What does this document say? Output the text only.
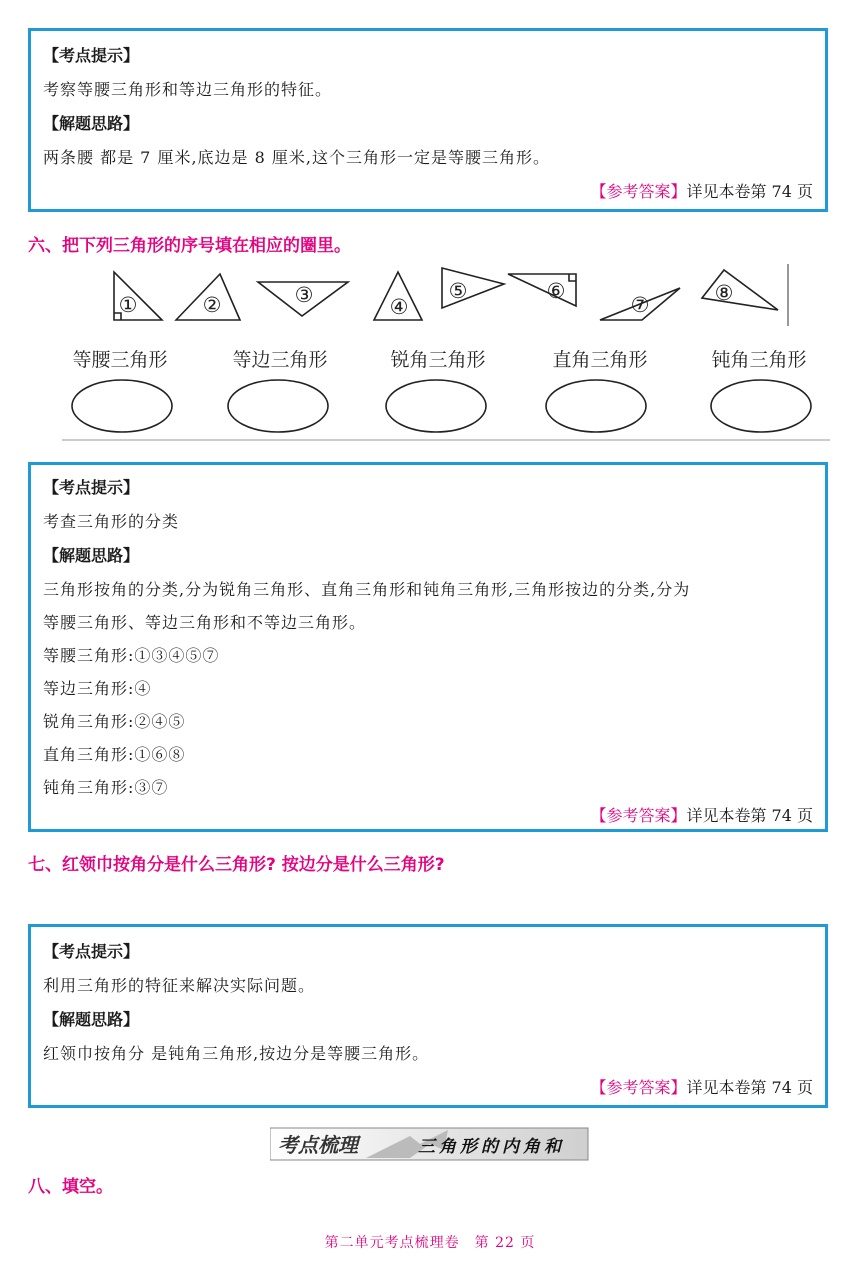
【考点提示】
考察等腰三角形和等边三角形的特征。
【解题思路】
两条腰 都是 7 厘米,底边是 8 厘米,这个三角形一定是等腰三角形。
【参考答案】详见本卷第 74 页
六、把下列三角形的序号填在相应的圈里。
①	②	③	④
⑤	⑥
⑦	⑧
等腰三角形	等边三角形	锐角三角形	直角三角形	钝角三角形
【考点提示】
考查三角形的分类
【解题思路】
三角形按角的分类,分为锐角三角形、直角三角形和钝角三角形,三角形按边的分类,分为
等腰三角形、等边三角形和不等边三角形。
等腰三角形:①③④⑤⑦
等边三角形:④
锐角三角形:②④⑤
直角三角形:①⑥⑧
钝角三角形:③⑦
【参考答案】详见本卷第 74 页
七、红领巾按角分是什么三角形? 按边分是什么三角形?
【考点提示】
利用三角形的特征来解决实际问题。
【解题思路】
红领巾按角分 是钝角三角形,按边分是等腰三角形。
【参考答案】详见本卷第 74 页
考点梳理	三角形的内角和
八、填空。
第二单元考点梳理卷　第 22 页
